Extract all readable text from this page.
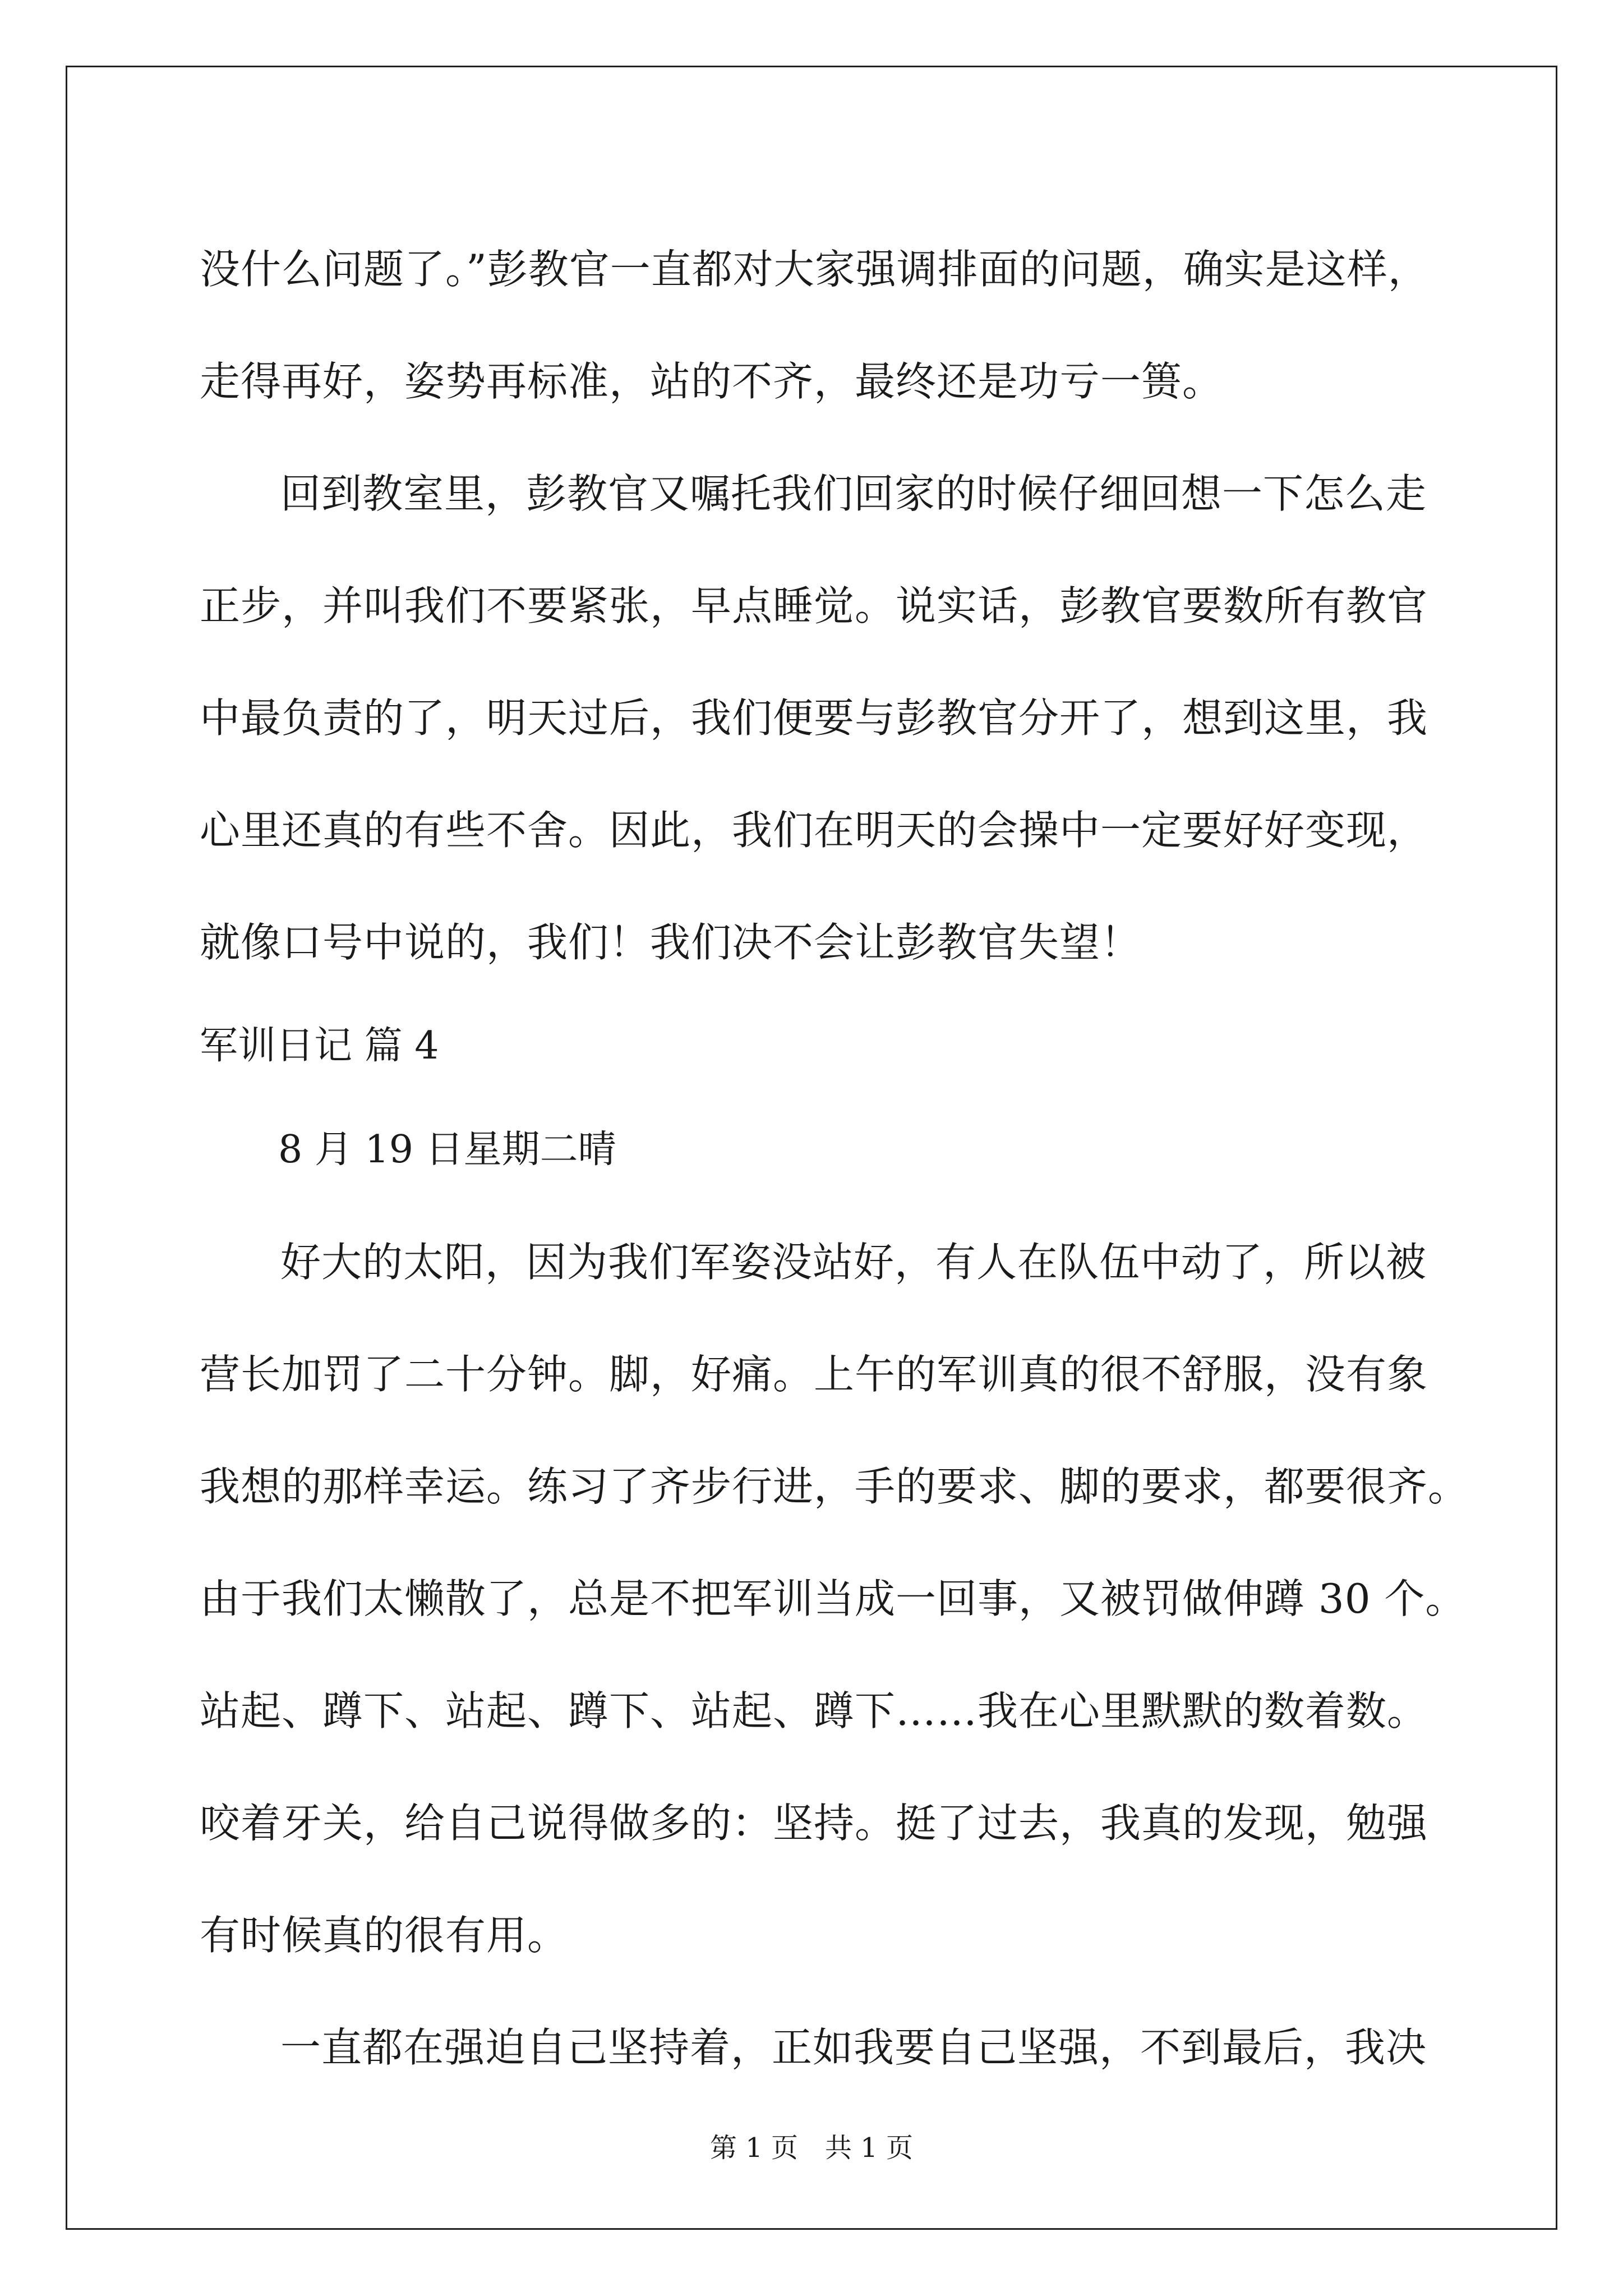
没什么问题了。”彭教官一直都对大家强调排面的问题，确实是这样，
走得再好，姿势再标准，站的不齐，最终还是功亏一篑。
回到教室里，彭教官又嘱托我们回家的时候仔细回想一下怎么走
正步，并叫我们不要紧张，早点睡觉。说实话，彭教官要数所有教官
中最负责的了，明天过后，我们便要与彭教官分开了，想到这里，我
心里还真的有些不舍。因此，我们在明天的会操中一定要好好变现，
就像口号中说的，我们！我们决不会让彭教官失望！
军训日记 篇 4
8 月 19 日星期二晴
好大的太阳，因为我们军姿没站好，有人在队伍中动了，所以被
营长加罚了二十分钟。脚，好痛。上午的军训真的很不舒服，没有象
我想的那样幸运。练习了齐步行进，手的要求、脚的要求，都要很齐。
由于我们太懒散了，总是不把军训当成一回事，又被罚做伸蹲 30 个。
站起、蹲下、站起、蹲下、站起、蹲下……我在心里默默的数着数。
咬着牙关，给自己说得做多的：坚持。挺了过去，我真的发现，勉强
有时候真的很有用。
一直都在强迫自己坚持着，正如我要自己坚强，不到最后，我决
第 1 页 共 1 页
